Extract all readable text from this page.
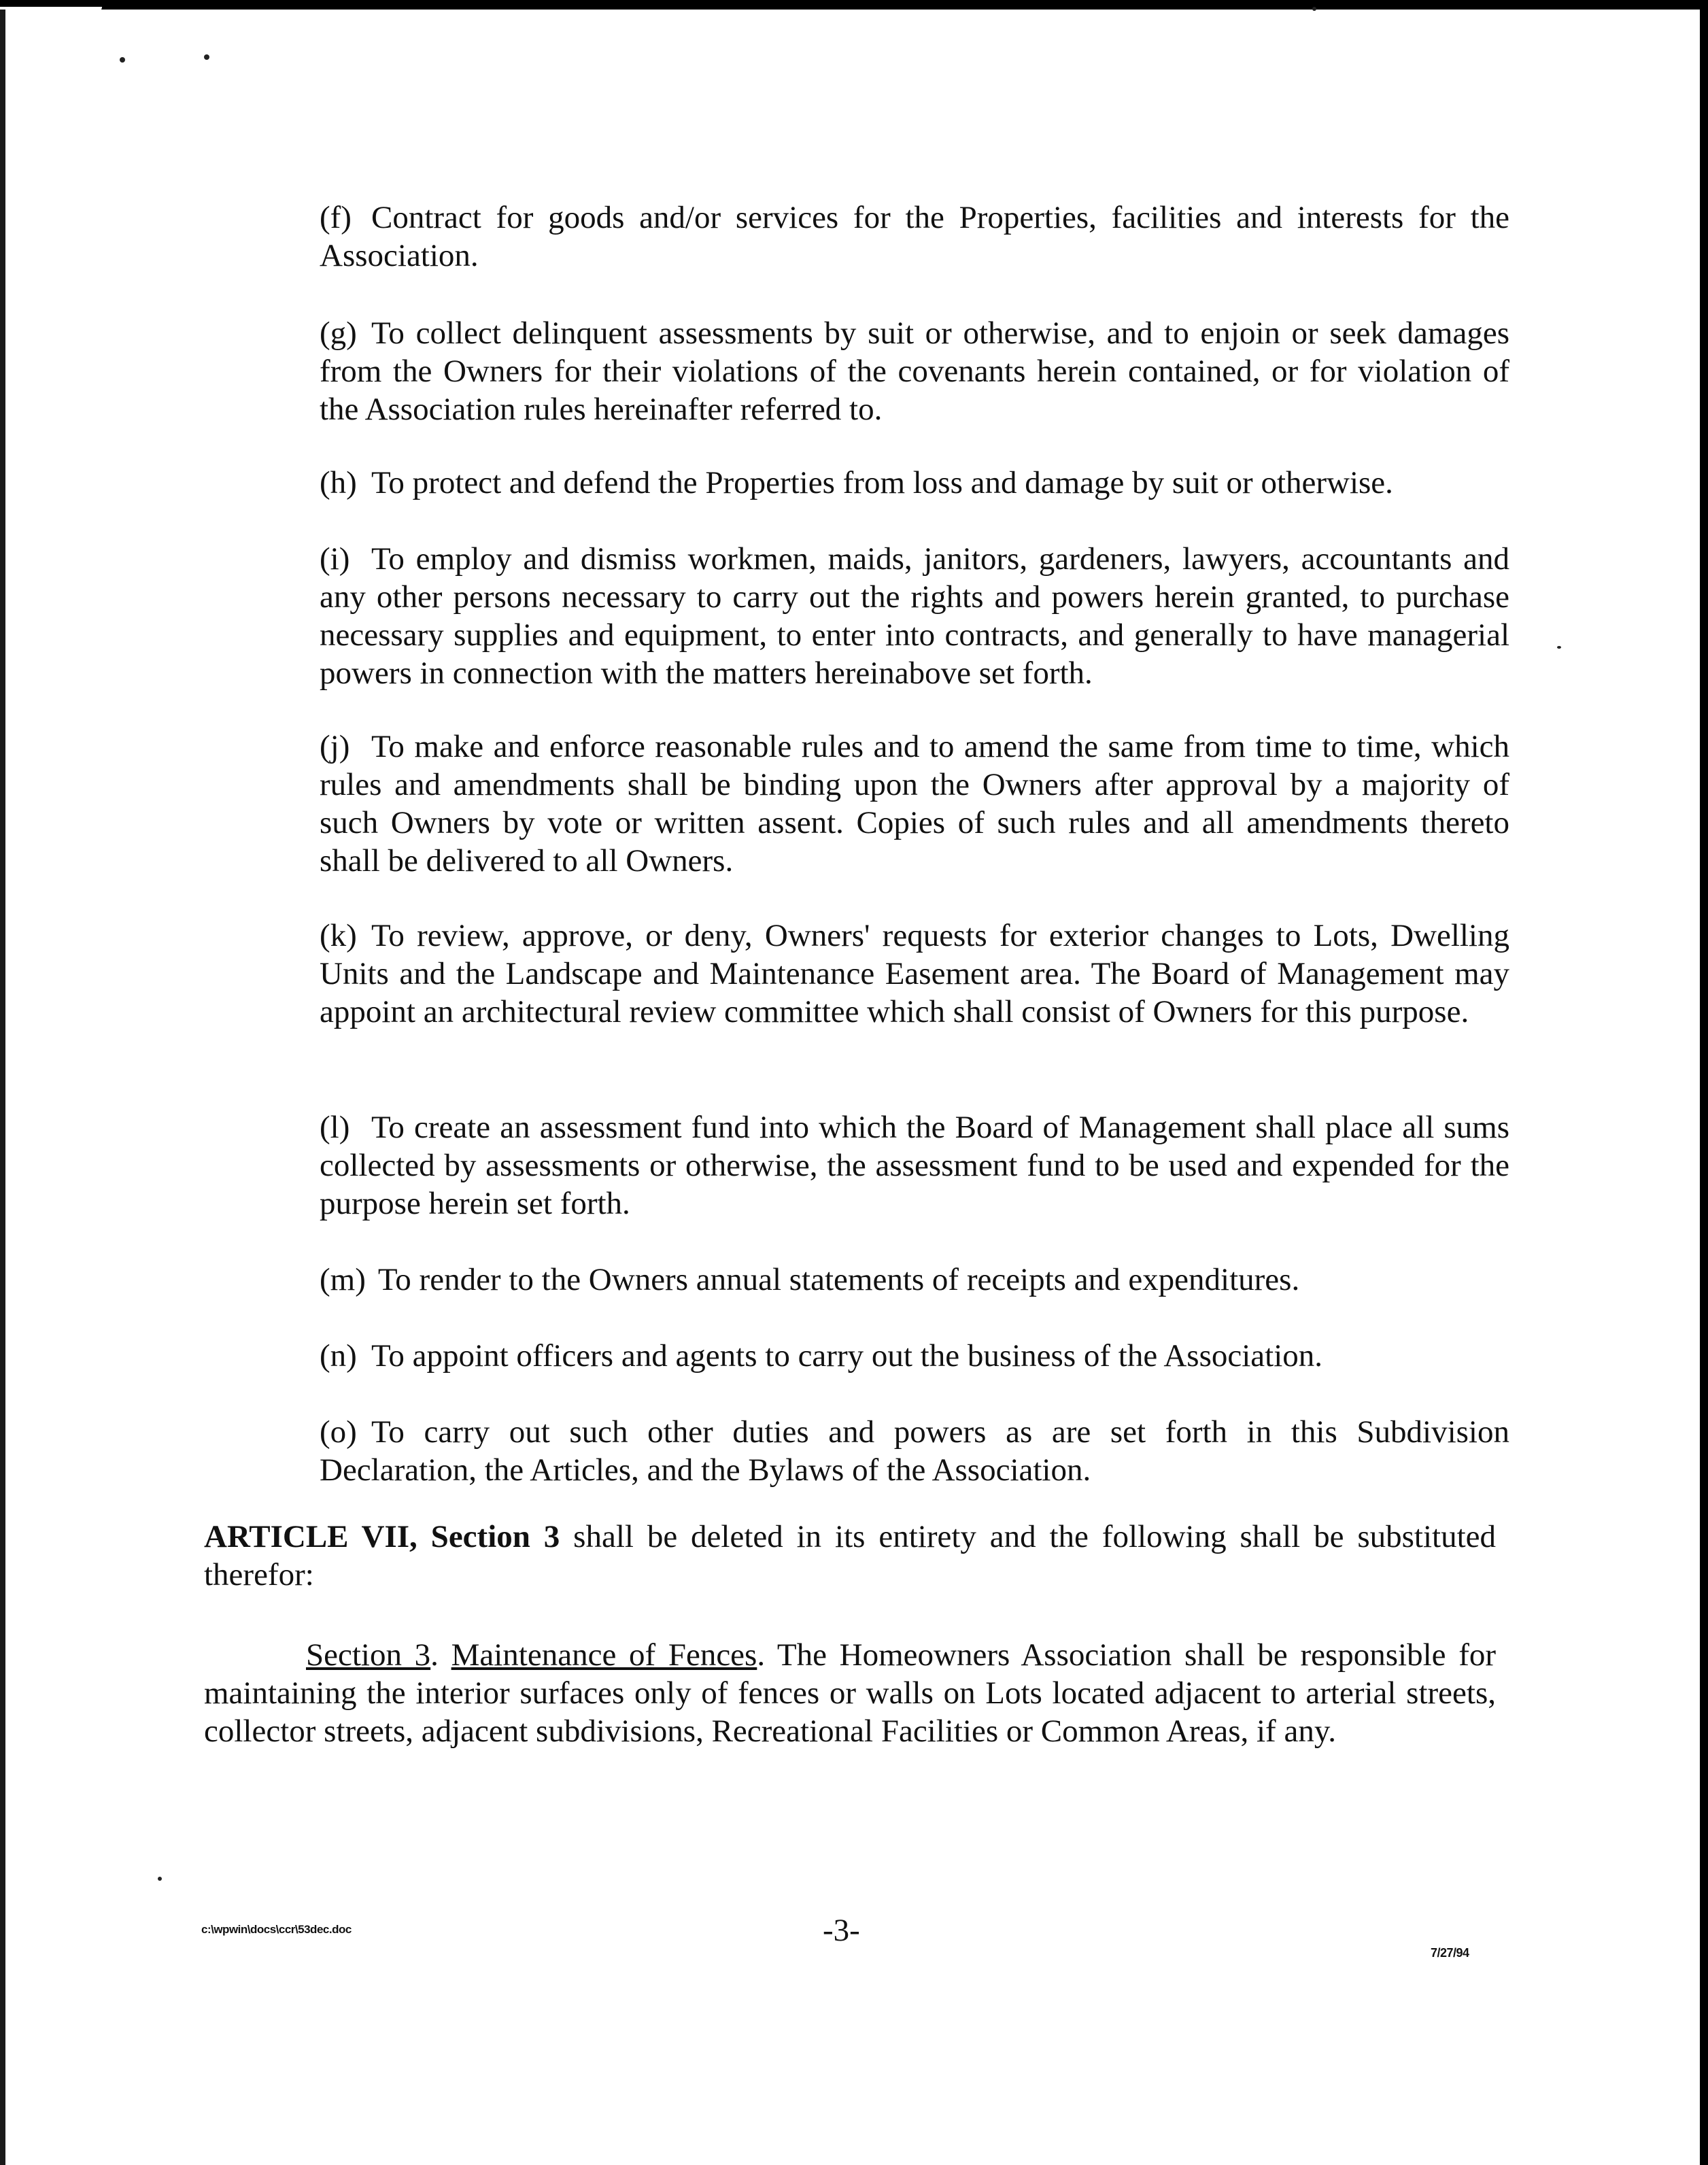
(f) Contract for goods and/or services for the Properties, facilities and interests for the Association.

(g) To collect delinquent assessments by suit or otherwise, and to enjoin or seek damages from the Owners for their violations of the covenants herein contained, or for violation of the Association rules hereinafter referred to.

(h) To protect and defend the Properties from loss and damage by suit or otherwise.

(i) To employ and dismiss workmen, maids, janitors, gardeners, lawyers, accountants and any other persons necessary to carry out the rights and powers herein granted, to purchase necessary supplies and equipment, to enter into contracts, and generally to have managerial powers in connection with the matters hereinabove set forth.

(j) To make and enforce reasonable rules and to amend the same from time to time, which rules and amendments shall be binding upon the Owners after approval by a majority of such Owners by vote or written assent. Copies of such rules and all amendments thereto shall be delivered to all Owners.

(k) To review, approve, or deny, Owners' requests for exterior changes to Lots, Dwelling Units and the Landscape and Maintenance Easement area. The Board of Management may appoint an architectural review committee which shall consist of Owners for this purpose.

(l) To create an assessment fund into which the Board of Management shall place all sums collected by assessments or otherwise, the assessment fund to be used and expended for the purpose herein set forth.

(m) To render to the Owners annual statements of receipts and expenditures.

(n) To appoint officers and agents to carry out the business of the Association.

(o) To carry out such other duties and powers as are set forth in this Subdivision Declaration, the Articles, and the Bylaws of the Association.

ARTICLE VII, Section 3 shall be deleted in its entirety and the following shall be substituted therefor:

Section 3. Maintenance of Fences. The Homeowners Association shall be responsible for maintaining the interior surfaces only of fences or walls on Lots located adjacent to arterial streets, collector streets, adjacent subdivisions, Recreational Facilities or Common Areas, if any.

c:\wpwin\docs\ccr\53dec.doc	-3-
7/27/94
